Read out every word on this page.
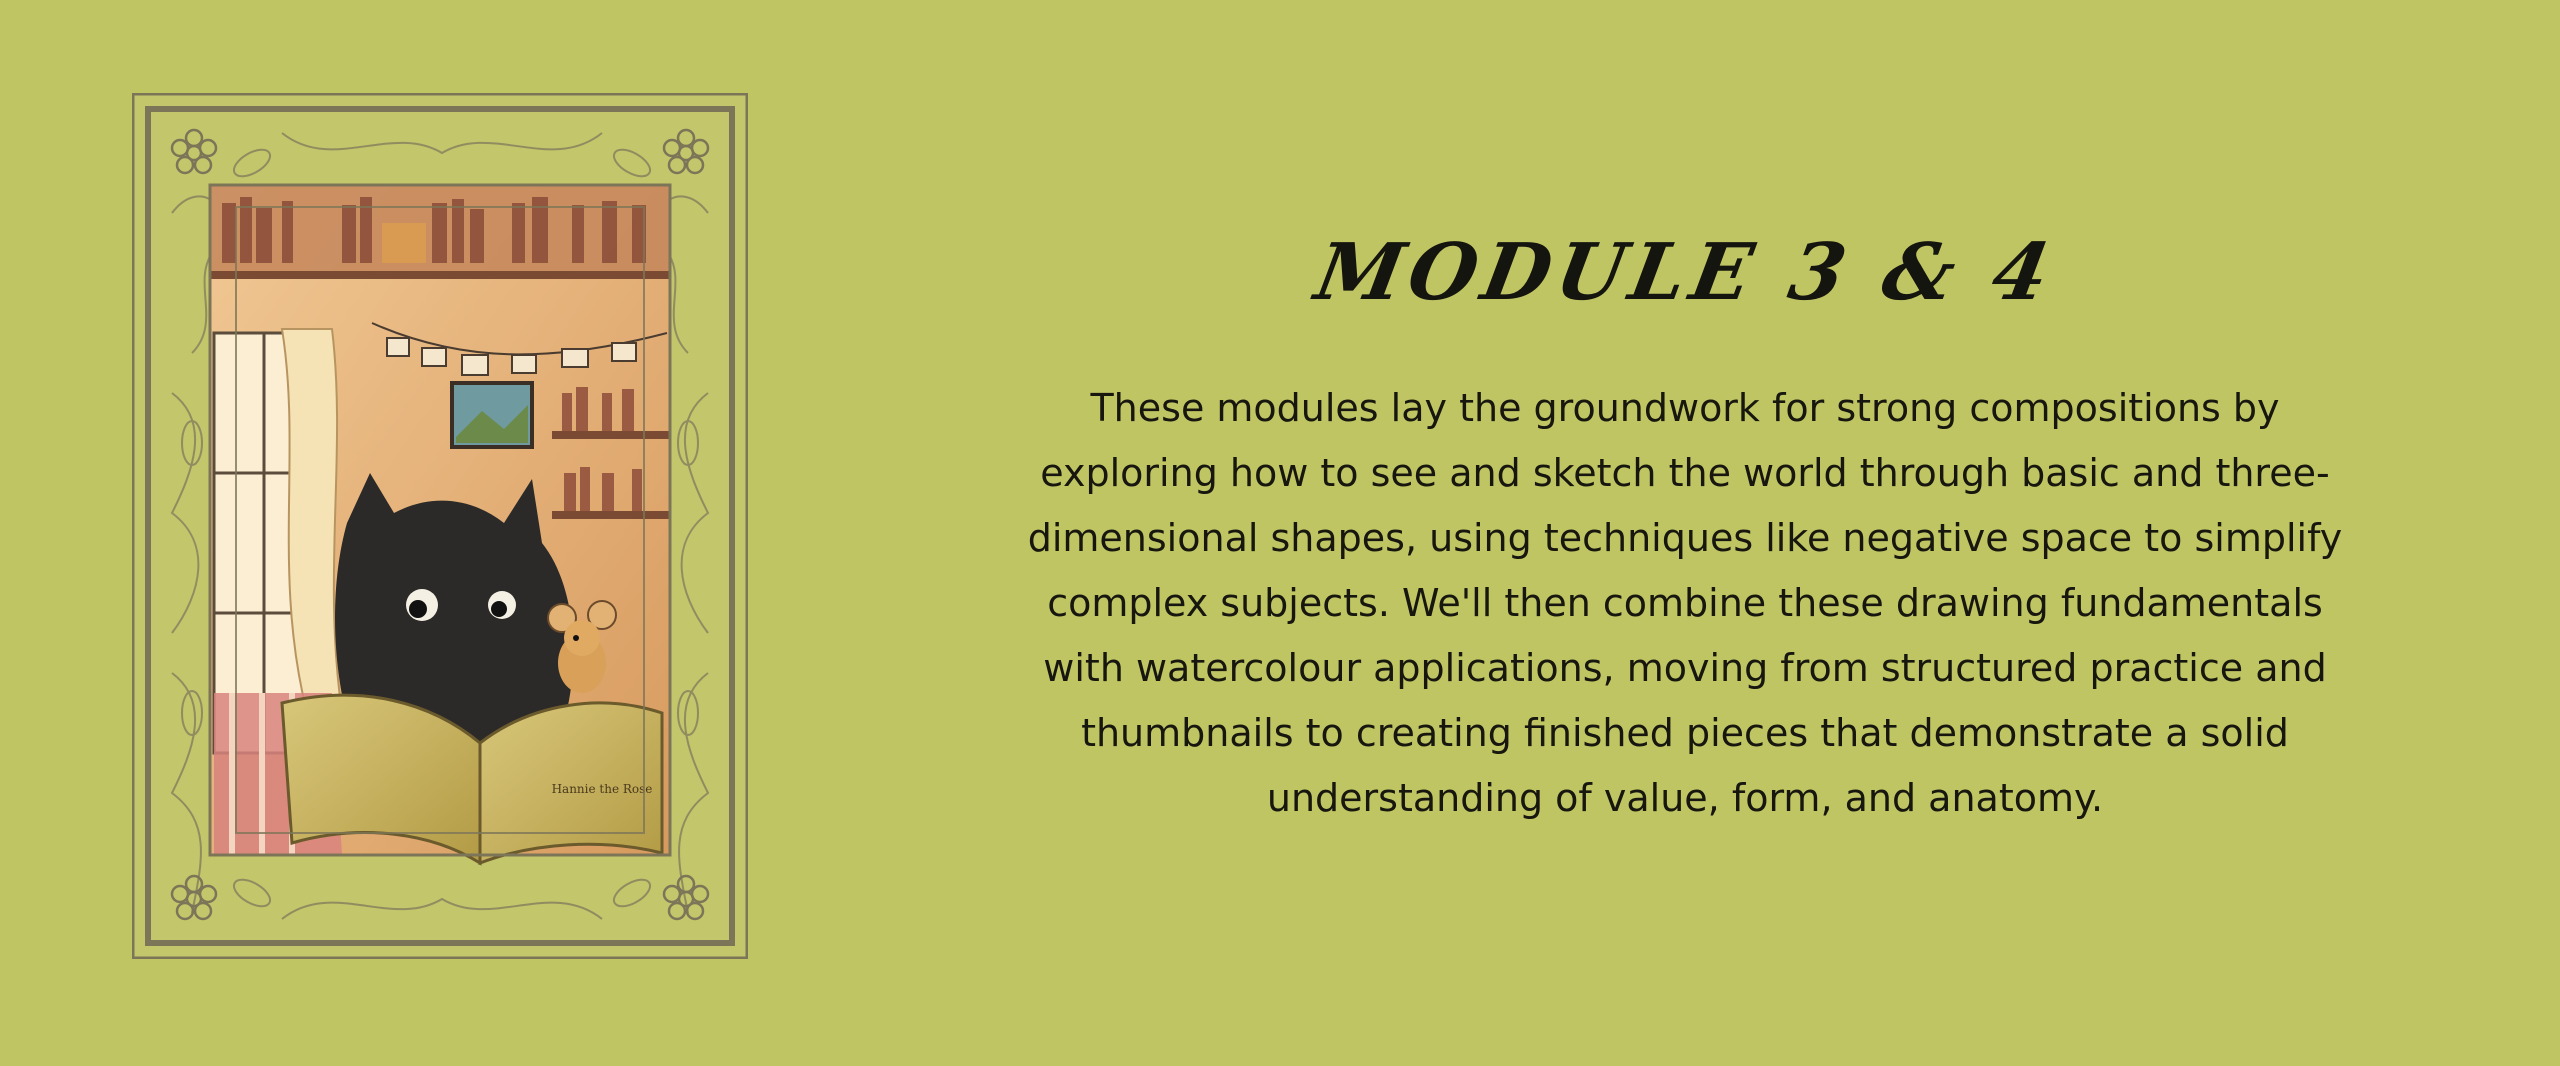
Hannie the Rose
MODULE 3 & 4

These modules lay the groundwork for strong compositions by exploring how to see and sketch the world through basic and three-dimensional shapes, using techniques like negative space to simplify complex subjects. We'll then combine these drawing fundamentals with watercolour applications, moving from structured practice and thumbnails to creating finished pieces that demonstrate a solid understanding of value, form, and anatomy.
